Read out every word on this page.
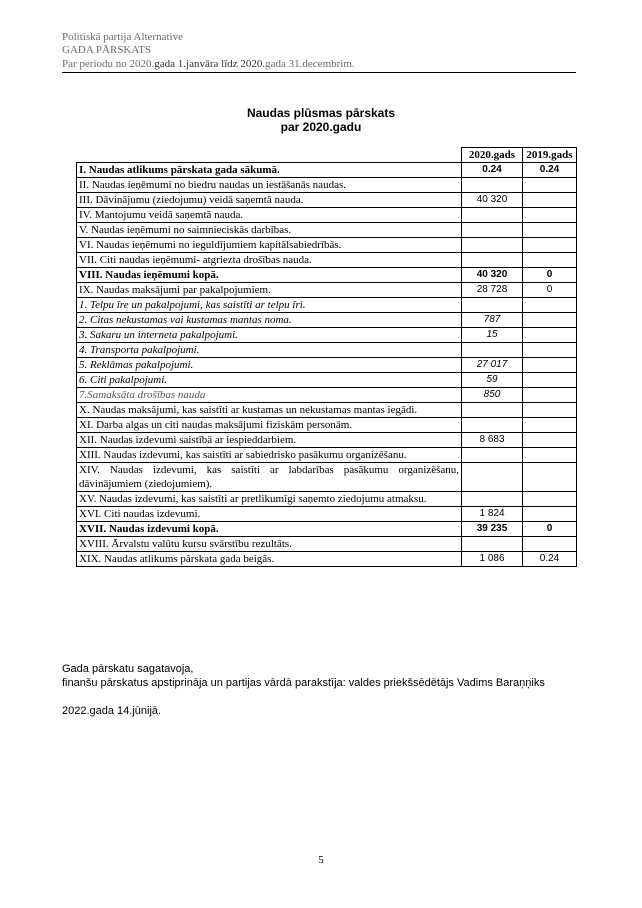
Politiskā partija Alternative
GADA PĀRSKATS
Par periodu no 2020.gada 1.janvāra līdz 2020.gada 31.decembrim.
Naudas plūsmas pārskats
par 2020.gadu
	2020.gads	2019.gads
I. Naudas atlikums pārskata gada sākumā.	0.24	0.24
II. Naudas ieņēmumi no biedru naudas un iestāšanās naudas.		
III. Dāvinājumu (ziedojumu) veidā saņemtā nauda.	40 320	
IV. Mantojumu veidā saņemtā nauda.		
V. Naudas ieņēmumi no saimnieciskās darbības.		
VI. Naudas ieņēmumi no ieguldījumiem kapitālsabiedrībās.		
VII. Citi naudas ieņēmumi- atgriezta drošības nauda.		
VIII. Naudas ieņēmumi kopā.	40 320	0
IX. Naudas maksājumi par pakalpojumiem.	28 728	0
1. Telpu īre un pakalpojumi, kas saistīti ar telpu īri.		
2. Citas nekustamas vai kustamas mantas noma.	787	
3. Sakaru un interneta pakalpojumi.	15	
4. Transporta pakalpojumi.		
5. Reklāmas pakalpojumi.	27 017	
6. Citi pakalpojumi.	59	
7.Samaksāta drošības nauda	850	
X. Naudas maksājumi, kas saistīti ar kustamas un nekustamas mantas iegādi.		
XI. Darba algas un citi naudas maksājumi fiziskām personām.		
XII. Naudas izdevumi saistībā ar iespieddarbiem.	8 683	
XIII. Naudas izdevumi, kas saistīti ar sabiedrisko pasākumu organizēšanu.		
XIV. Naudas izdevumi, kas saistīti ar labdarības pasākumu organizēšanu, dāvinājumiem (ziedojumiem).		
XV. Naudas izdevumi, kas saistīti ar pretlikumīgi saņemto ziedojumu atmaksu.		
XVI. Citi naudas izdevumi.	1 824	
XVII. Naudas izdevumi kopā.	39 235	0
XVIII. Ārvalstu valūtu kursu svārstību rezultāts.		
XIX. Naudas atlikums pārskata gada beigās.	1 086	0.24
Gada pārskatu sagatavoja,
finanšu pārskatus apstiprināja un partijas vārdā parakstīja: valdes priekšsēdētājs Vadims Baraņņiks
2022.gada 14.jūnijā.
5
